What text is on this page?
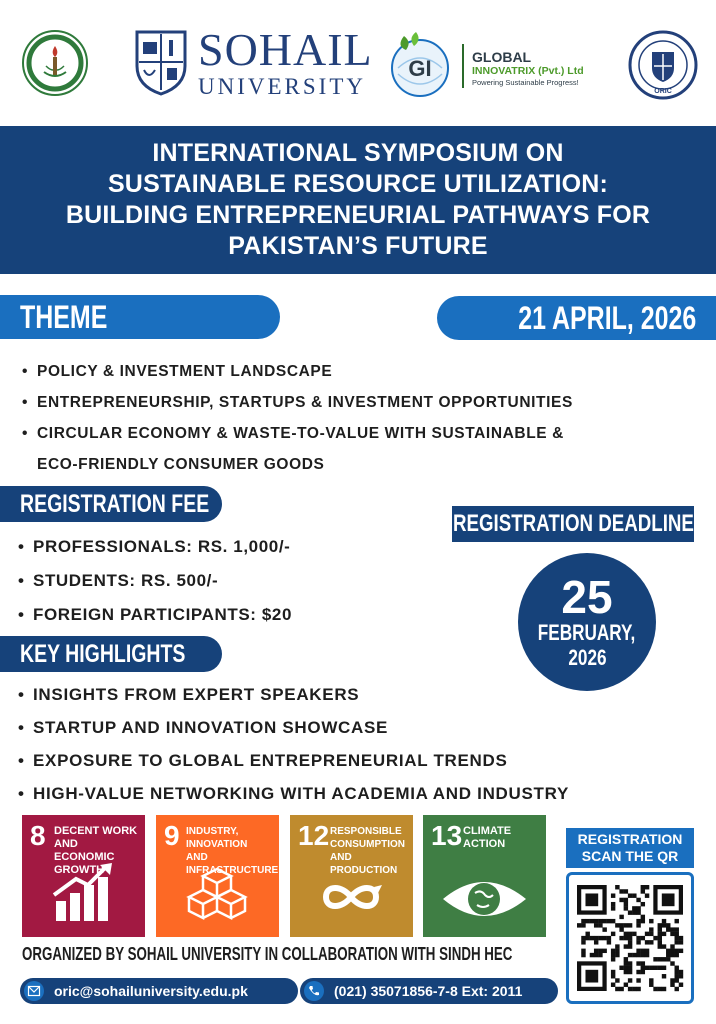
SOHAIL
UNIVERSITY
GI	GLOBAL
INNOVATRIX (Pvt.) Ltd
Powering Sustainable Progress!
ORIC
INTERNATIONAL SYMPOSIUM ON
SUSTAINABLE RESOURCE UTILIZATION:
BUILDING ENTREPRENEURIAL PATHWAYS FOR
PAKISTAN’S FUTURE
THEME	21 APRIL, 2026
• POLICY & INVESTMENT LANDSCAPE
• ENTREPRENEURSHIP, STARTUPS & INVESTMENT OPPORTUNITIES
• CIRCULAR ECONOMY & WASTE-TO-VALUE WITH SUSTAINABLE &
ECO-FRIENDLY CONSUMER GOODS
REGISTRATION FEE
• PROFESSIONALS: RS. 1,000/-
• STUDENTS: RS. 500/-
• FOREIGN PARTICIPANTS: $20
REGISTRATION DEADLINE
25
FEBRUARY,
2026
KEY HIGHLIGHTS
• INSIGHTS FROM EXPERT SPEAKERS
• STARTUP AND INNOVATION SHOWCASE
• EXPOSURE TO GLOBAL ENTREPRENEURIAL TRENDS
• HIGH-VALUE NETWORKING WITH ACADEMIA AND INDUSTRY
8 DECENT WORK AND
ECONOMIC GROWTH
9 INDUSTRY, INNOVATION
AND INFRASTRUCTURE
12 RESPONSIBLE
CONSUMPTION
AND PRODUCTION
13 CLIMATE
ACTION
FOR REGISTRATION
SCAN THE QR
ORGANIZED BY SOHAIL UNIVERSITY IN COLLABORATION WITH SINDH HEC
oric@sohailuniversity.edu.pk	(021) 35071856-7-8 Ext: 2011
